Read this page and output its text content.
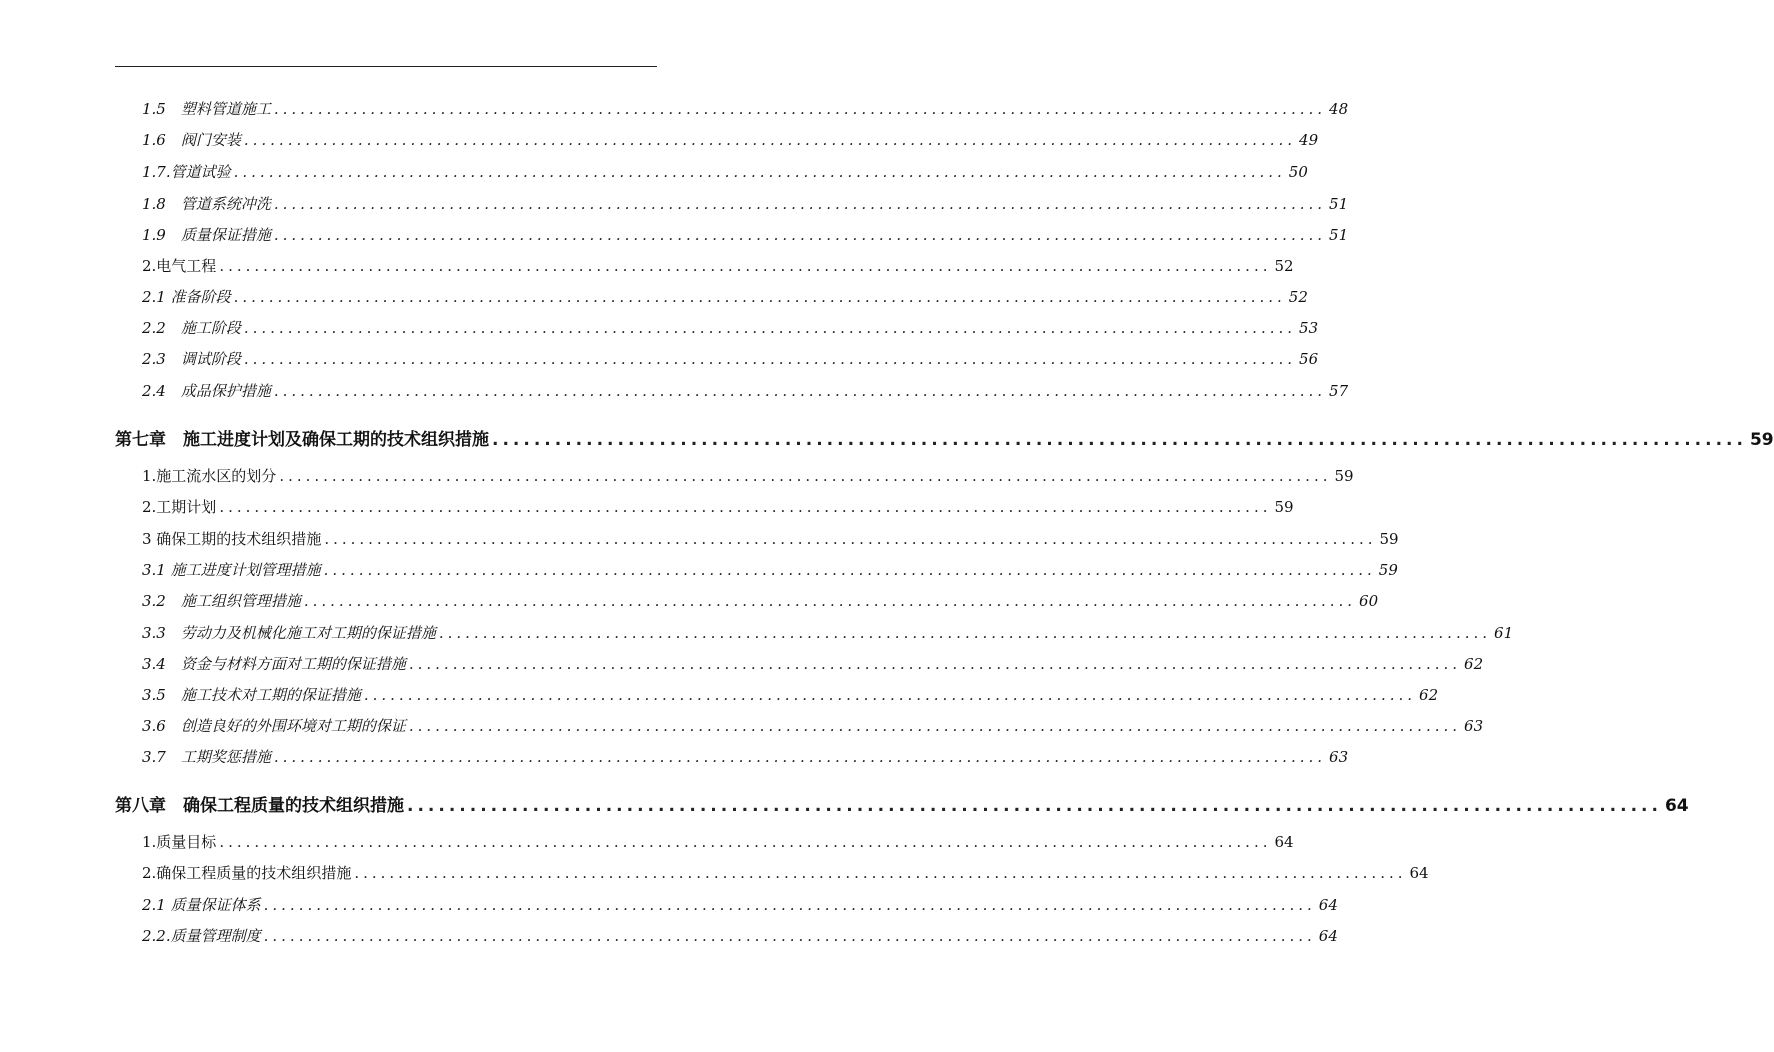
1.5　塑料管道施工 ........................................................................................................................ 48
1.6　阀门安装 ........................................................................................................................ 49
1.7.管道试验 ........................................................................................................................ 50
1.8　管道系统冲洗 ........................................................................................................................ 51
1.9　质量保证措施 ........................................................................................................................ 51
2.电气工程 ........................................................................................................................ 52
2.1 准备阶段 ........................................................................................................................ 52
2.2　施工阶段 ........................................................................................................................ 53
2.3　调试阶段 ........................................................................................................................ 56
2.4　成品保护措施 ........................................................................................................................ 57
第七章　施工进度计划及确保工期的技术组织措施 ........................................................................................................................ 59
1.施工流水区的划分 ........................................................................................................................ 59
2.工期计划 ........................................................................................................................ 59
3 确保工期的技术组织措施 ........................................................................................................................ 59
3.1 施工进度计划管理措施 ........................................................................................................................ 59
3.2　施工组织管理措施 ........................................................................................................................ 60
3.3　劳动力及机械化施工对工期的保证措施 ........................................................................................................................ 61
3.4　资金与材料方面对工期的保证措施 ........................................................................................................................ 62
3.5　施工技术对工期的保证措施 ........................................................................................................................ 62
3.6　创造良好的外围环境对工期的保证 ........................................................................................................................ 63
3.7　工期奖惩措施 ........................................................................................................................ 63
第八章　确保工程质量的技术组织措施 ........................................................................................................................ 64
1.质量目标 ........................................................................................................................ 64
2.确保工程质量的技术组织措施 ........................................................................................................................ 64
2.1 质量保证体系 ........................................................................................................................ 64
2.2.质量管理制度 ........................................................................................................................ 64
